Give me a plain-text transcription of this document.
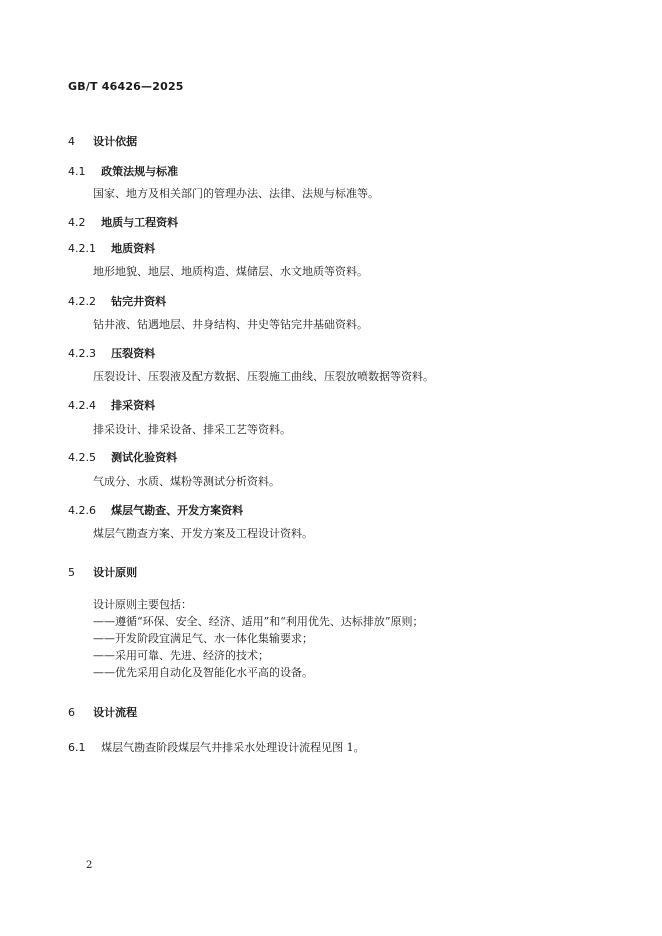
GB/T 46426—2025
4 设计依据
4.1 政策法规与标准
国家、地方及相关部门的管理办法、法律、法规与标准等。
4.2 地质与工程资料
4.2.1 地质资料
地形地貌、地层、地质构造、煤储层、水文地质等资料。
4.2.2 钻完井资料
钻井液、钻遇地层、井身结构、井史等钻完井基础资料。
4.2.3 压裂资料
压裂设计、压裂液及配方数据、压裂施工曲线、压裂放喷数据等资料。
4.2.4 排采资料
排采设计、排采设备、排采工艺等资料。
4.2.5 测试化验资料
气成分、水质、煤粉等测试分析资料。
4.2.6 煤层气勘查、开发方案资料
煤层气勘查方案、开发方案及工程设计资料。
5 设计原则
设计原则主要包括：
——遵循“环保、安全、经济、适用”和“利用优先、达标排放”原则；
——开发阶段宜满足气、水一体化集输要求；
——采用可靠、先进、经济的技术；
——优先采用自动化及智能化水平高的设备。
6 设计流程
6.1 煤层气勘查阶段煤层气井排采水处理设计流程见图 1。
2
